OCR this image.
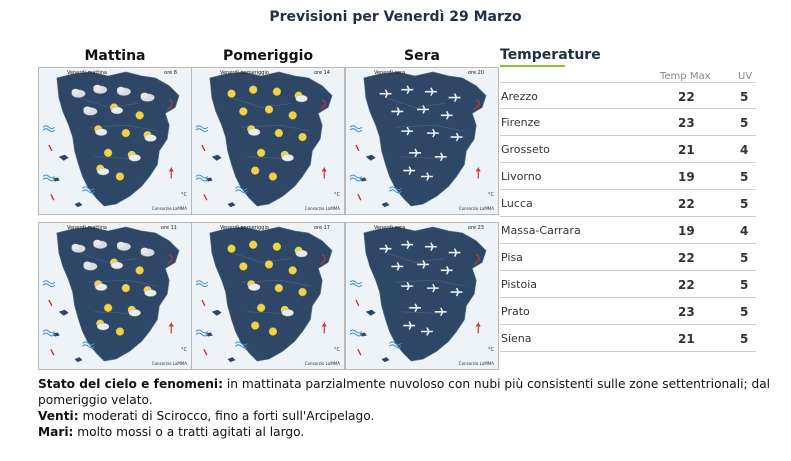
Previsioni per Venerdì 29 Marzo
Mattina	Pomeriggio	Sera
Venerdì mattina	ore 8
Consorzio LaMMA
°C
Venerdì pomeriggio	ore 14
Consorzio LaMMA
°C
Venerdì sera	ore 20
Consorzio LaMMA
°C
Venerdì mattina	ore 11
Consorzio LaMMA
°C
Venerdì pomeriggio	ore 17
Consorzio LaMMA
°C
Venerdì sera	ore 23
Consorzio LaMMA
°C
Temperature
Temp Max	UV
Arezzo	22	5
Firenze	23	5
Grosseto	21	4
Livorno	19	5
Lucca	22	5
Massa-Carrara	19	4
Pisa	22	5
Pistoia	22	5
Prato	23	5
Siena	21	5
Stato del cielo e fenomeni: in mattinata parzialmente nuvoloso con nubi più consistenti sulle zone settentrionali; dal pomeriggio velato.
Venti: moderati di Scirocco, fino a forti sull'Arcipelago.
Mari: molto mossi o a tratti agitati al largo.
